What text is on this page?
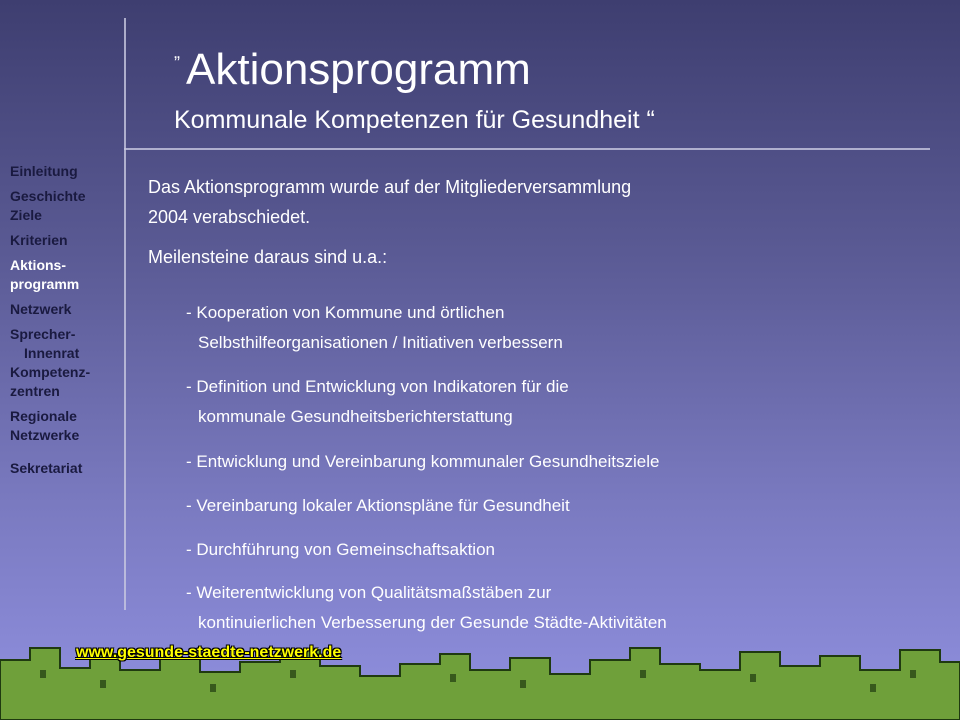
„ Aktionsprogramm
Kommunale Kompetenzen für Gesundheit “
Einleitung
Geschichte
Ziele
Kriterien
Aktions-
programm
Netzwerk
Sprecher-
Innenrat
Kompetenz-
zentren
Regionale
Netzwerke
Sekretariat

Das Aktionsprogramm wurde auf der Mitgliederversammlung

2004 verabschiedet.

Meilensteine daraus sind u.a.:

- Kooperation von Kommune und örtlichen
Selbsthilfeorganisationen / Initiativen verbessern
- Definition und Entwicklung von Indikatoren für die
kommunale Gesundheitsberichterstattung
- Entwicklung und Vereinbarung kommunaler Gesundheitsziele
- Vereinbarung lokaler Aktionspläne für Gesundheit
- Durchführung von Gemeinschaftsaktion
- Weiterentwicklung von Qualitätsmaßstäben zur
kontinuierlichen Verbesserung der Gesunde Städte-Aktivitäten
www.gesunde-staedte-netzwerk.de
